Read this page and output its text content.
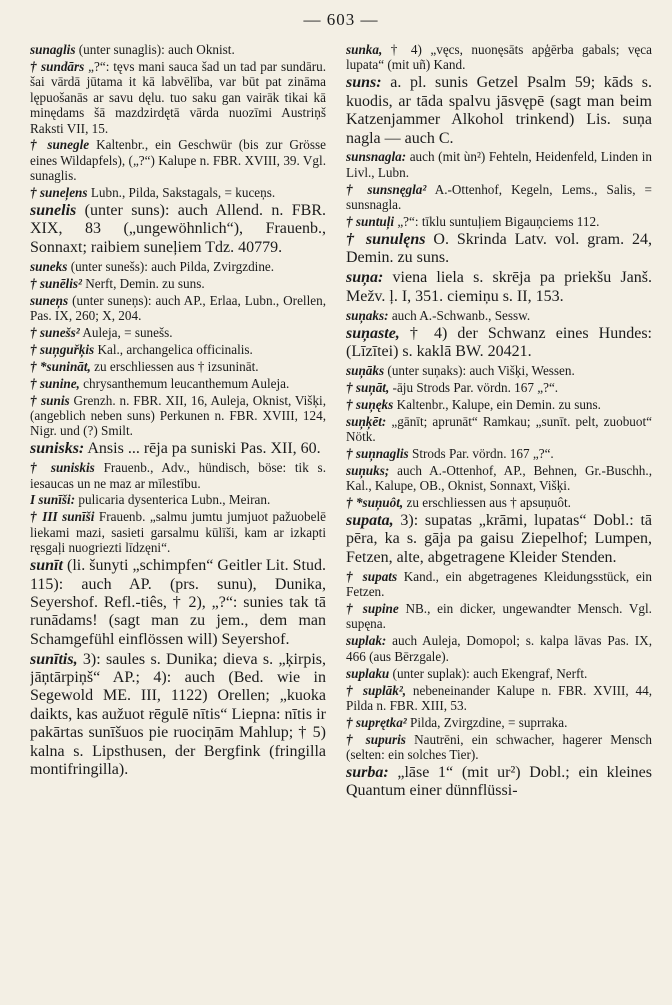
— 603 —

sunaglis (unter sunaglis): auch Oknist.

† sundārs „?“: tęvs mani sauca šad un tad par sundāru. šai vārdā jūtama it kā labvēlība, var būt pat zināma lępuošanās ar savu dęlu. tuo saku gan vairāk tikai kā minędams šā mazdzirdętā vārda nuozīmi Austriņš Raksti VII, 15.

† sunegle Kaltenbr., ein Geschwür (bis zur Grösse eines Wildapfels), („?“) Kalupe n. FBR. XVIII, 39. Vgl. sunaglis.

† suneļens Lubn., Pilda, Sakstagals, = kuceņs.

sunelis (unter suns): auch Allend. n. FBR. XIX, 83 („ungewöhnlich“), Frauenb., Sonnaxt; raibiem suneļiem Tdz. 40779.

suneks (unter sunešs): auch Pilda, Zvirgzdine.

† sunēlis² Nerft, Demin. zu suns.

suneņs (unter suneņs): auch AP., Erlaa, Lubn., Orellen, Pas. IX, 260; X, 204.

† sunešs² Auleja, = sunešs.

† suņguřķis Kal., archangelica officinalis.

† *sunināt, zu erschliessen aus † izsunināt.

† sunine, chrysanthemum leucanthemum Auleja.

† sunis Grenzh. n. FBR. XII, 16, Auleja, Oknist, Višķi, (angeblich neben suns) Perkunen n. FBR. XVIII, 124, Nigr. und (?) Smilt.

sunisks: Ansis ... rēja pa suniski Pas. XII, 60.

† suniskis Frauenb., Adv., hündisch, böse: tik s. iesaucas un ne maz ar mīlestību.

I sunīši: pulicaria dysenterica Lubn., Meiran.

† III sunīši Frauenb. „salmu jumtu jumjuot pažuobelē liekami mazi, sasieti garsalmu kūlīši, kam ar izkapti ręsgaļi nuogriezti līdzęni“.

sunīt (li. šunyti „schimpfen“ Geitler Lit. Stud. 115): auch AP. (prs. sunu), Dunika, Seyershof. Refl.-tiês, † 2), „?“: sunies tak tā runādams! (sagt man zu jem., dem man Schamgefühl einflössen will) Seyershof.

sunītis, 3): saules s. Dunika; dieva s. „ķirpis, jāņtārpiņš“ AP.; 4): auch (Bed. wie in Segewold ME. III, 1122) Orellen; „kuoka daikts, kas aužuot rēgulē nītis“ Liepna: nītis ir pakārtas sunīšuos pie ruociņām Mahlup; † 5) kalna s. Lipsthusen, der Bergfink (fringilla montifringilla).

sunka, † 4) „vęcs, nuonęsāts apģērba gabals; vęca lupata“ (mit uñ) Kand.

suns: a. pl. sunis Getzel Psalm 59; kāds s. kuodis, ar tāda spalvu jāsvępē (sagt man beim Katzenjammer Alkohol trinkend) Lis. suņa nagla — auch C.

sunsnagla: auch (mit ùn²) Fehteln, Heidenfeld, Linden in Livl., Lubn.

† sunsnęgla² A.-Ottenhof, Kegeln, Lems., Salis, = sunsnagla.

† suntuļi „?“: tīklu suntuļiem Bigauņciems 112.

† sunulęns O. Skrinda Latv. vol. gram. 24, Demin. zu suns.

suņa: viena liela s. skrēja pa priekšu Janš. Mežv. ļ. I, 351. ciemiņu s. II, 153.

suņaks: auch A.-Schwanb., Sessw.

suņaste, † 4) der Schwanz eines Hundes: (Līzītei) s. kaklā BW. 20421.

suņāks (unter suņaks): auch Višķi, Wessen.

† suņāt, -āju Strods Par. vördn. 167 „?“.

† suņęks Kaltenbr., Kalupe, ein Demin. zu suns.

suņķēt: „gānīt; aprunāt“ Ramkau; „sunīt. pelt, zuobuot“ Nötk.

† suņnaglis Strods Par. vördn. 167 „?“.

suņuks; auch A.-Ottenhof, AP., Behnen, Gr.-Buschh., Kal., Kalupe, OB., Oknist, Sonnaxt, Višķi.

† *suņuôt, zu erschliessen aus † apsuņuôt.

supata, 3): supatas „krāmi, lupatas“ Dobl.: tā pēra, ka s. gāja pa gaisu Ziepelhof; Lumpen, Fetzen, alte, abgetragene Kleider Stenden.

† supats Kand., ein abgetragenes Kleidungsstück, ein Fetzen.

† supine NB., ein dicker, ungewandter Mensch. Vgl. supęna.

suplak: auch Auleja, Domopol; s. kalpa lāvas Pas. IX, 466 (aus Bērzgale).

suplaku (unter suplak): auch Ekengraf, Nerft.

† suplāk², nebeneinander Kalupe n. FBR. XVIII, 44, Pilda n. FBR. XIII, 53.

† suprętka² Pilda, Zvirgzdine, = suprraka.

† supuris Nautrēni, ein schwacher, hagerer Mensch (selten: ein solches Tier).

surba: „lāse 1“ (mit ur²) Dobl.; ein kleines Quantum einer dünnflüssi-
